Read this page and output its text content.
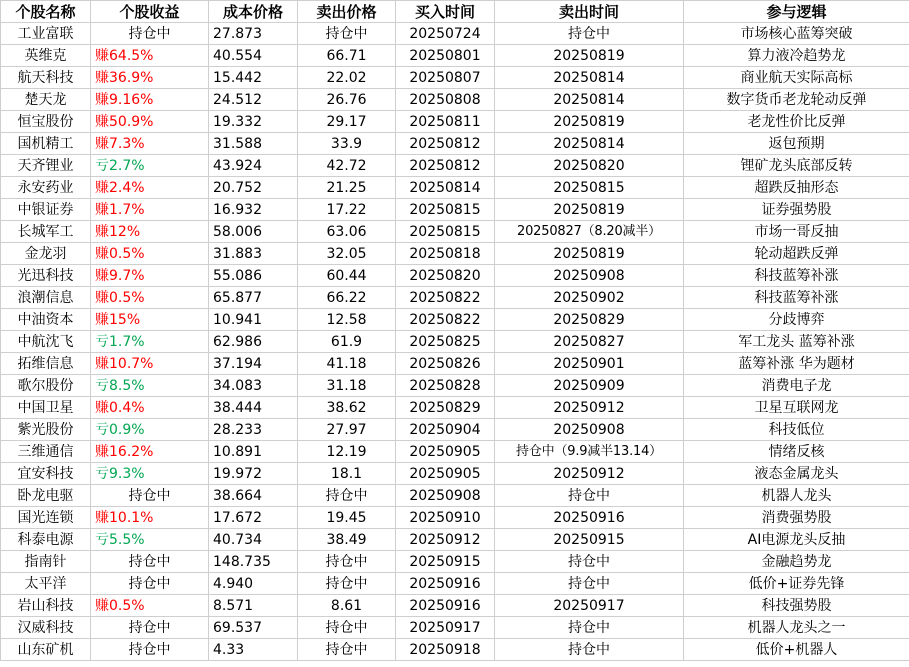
个股名称	个股收益	成本价格	卖出价格	买入时间	卖出时间	参与逻辑
工业富联	持仓中	27.873	持仓中	20250724	持仓中	市场核心蓝筹突破
英维克	赚64.5%	40.554	66.71	20250801	20250819	算力液冷趋势龙
航天科技	赚36.9%	15.442	22.02	20250807	20250814	商业航天实际高标
楚天龙	赚9.16%	24.512	26.76	20250808	20250814	数字货币老龙轮动反弹
恒宝股份	赚50.9%	19.332	29.17	20250811	20250819	老龙性价比反弹
国机精工	赚7.3%	31.588	33.9	20250812	20250814	返包预期
天齐锂业	亏2.7%	43.924	42.72	20250812	20250820	锂矿龙头底部反转
永安药业	赚2.4%	20.752	21.25	20250814	20250815	超跌反抽形态
中银证券	赚1.7%	16.932	17.22	20250815	20250819	证券强势股
长城军工	赚12%	58.006	63.06	20250815	20250827（8.20减半）	市场一哥反抽
金龙羽	赚0.5%	31.883	32.05	20250818	20250819	轮动超跌反弹
光迅科技	赚9.7%	55.086	60.44	20250820	20250908	科技蓝筹补涨
浪潮信息	赚0.5%	65.877	66.22	20250822	20250902	科技蓝筹补涨
中油资本	赚15%	10.941	12.58	20250822	20250829	分歧博弈
中航沈飞	亏1.7%	62.986	61.9	20250825	20250827	军工龙头 蓝筹补涨
拓维信息	赚10.7%	37.194	41.18	20250826	20250901	蓝筹补涨 华为题材
歌尔股份	亏8.5%	34.083	31.18	20250828	20250909	消费电子龙
中国卫星	赚0.4%	38.444	38.62	20250829	20250912	卫星互联网龙
紫光股份	亏0.9%	28.233	27.97	20250904	20250908	科技低位
三维通信	赚16.2%	10.891	12.19	20250905	持仓中（9.9减半13.14）	情绪反核
宜安科技	亏9.3%	19.972	18.1	20250905	20250912	液态金属龙头
卧龙电驱	持仓中	38.664	持仓中	20250908	持仓中	机器人龙头
国光连锁	赚10.1%	17.672	19.45	20250910	20250916	消费强势股
科泰电源	亏5.5%	40.734	38.49	20250912	20250915	AI电源龙头反抽
指南针	持仓中	148.735	持仓中	20250915	持仓中	金融趋势龙
太平洋	持仓中	4.940	持仓中	20250916	持仓中	低价+证券先锋
岩山科技	赚0.5%	8.571	8.61	20250916	20250917	科技强势股
汉威科技	持仓中	69.537	持仓中	20250917	持仓中	机器人龙头之一
山东矿机	持仓中	4.33	持仓中	20250918	持仓中	低价+机器人
